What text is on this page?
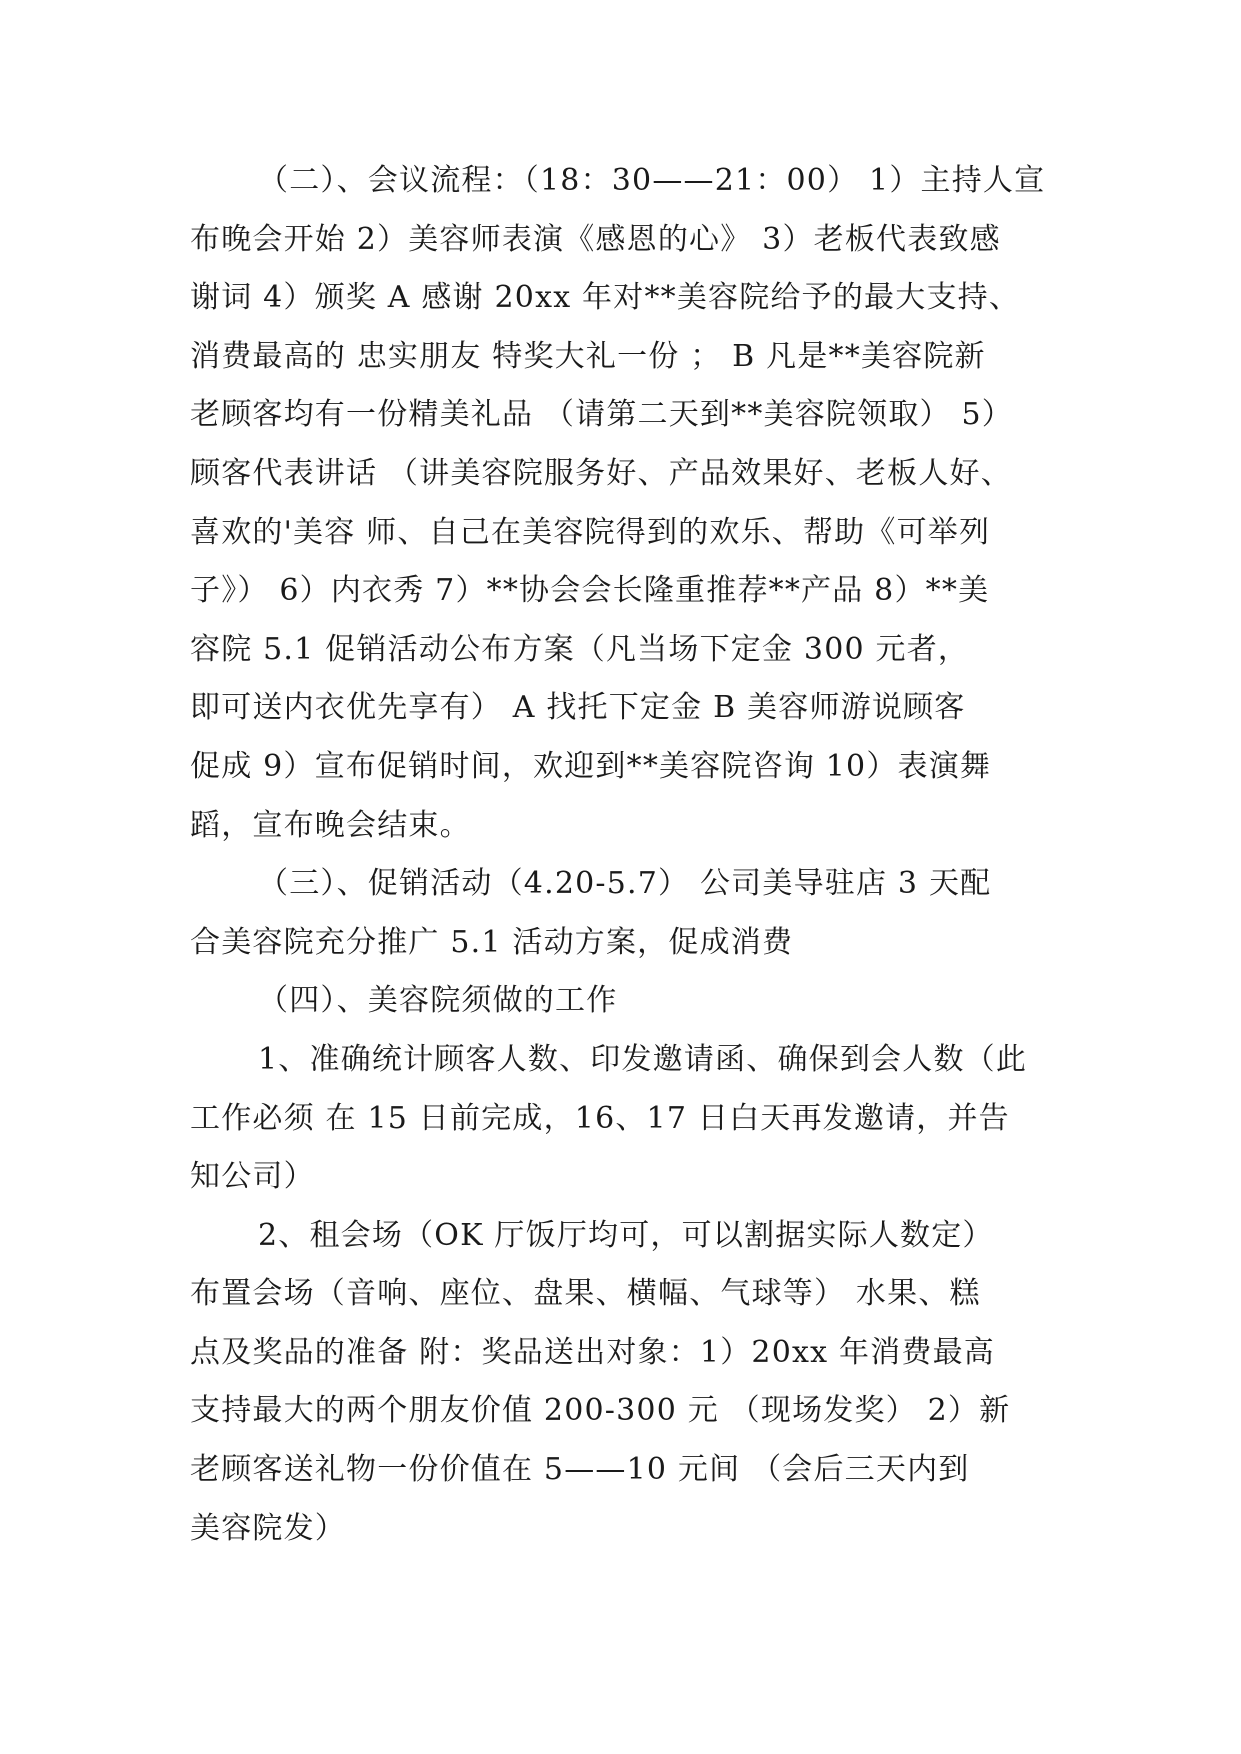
（二）、会议流程：（18：30——21：00） 1）主持人宣
布晚会开始 2）美容师表演《感恩的心》 3）老板代表致感
谢词 4）颁奖 A 感谢 20xx 年对**美容院给予的最大支持、
消费最高的 忠实朋友 特奖大礼一份 ； B 凡是**美容院新
老顾客均有一份精美礼品 （请第二天到**美容院领取） 5）
顾客代表讲话 （讲美容院服务好、产品效果好、老板人好、
喜欢的'美容 师、自己在美容院得到的欢乐、帮助《可举列
子》） 6）内衣秀 7）**协会会长隆重推荐**产品 8）**美
容院 5.1 促销活动公布方案（凡当场下定金 300 元者，
即可送内衣优先享有） A 找托下定金 B 美容师游说顾客
促成 9）宣布促销时间，欢迎到**美容院咨询 10）表演舞
蹈，宣布晚会结束。

（三）、促销活动（4.20-5.7） 公司美导驻店 3 天配
合美容院充分推广 5.1 活动方案，促成消费

（四）、美容院须做的工作

1、准确统计顾客人数、印发邀请函、确保到会人数（此
工作必须 在 15 日前完成，16、17 日白天再发邀请，并告
知公司）

2、租会场（OK 厅饭厅均可，可以割据实际人数定）
布置会场（音响、座位、盘果、横幅、气球等） 水果、糕
点及奖品的准备 附：奖品送出对象：1）20xx 年消费最高
支持最大的两个朋友价值 200-300 元 （现场发奖） 2）新
老顾客送礼物一份价值在 5——10 元间 （会后三天内到
美容院发）
